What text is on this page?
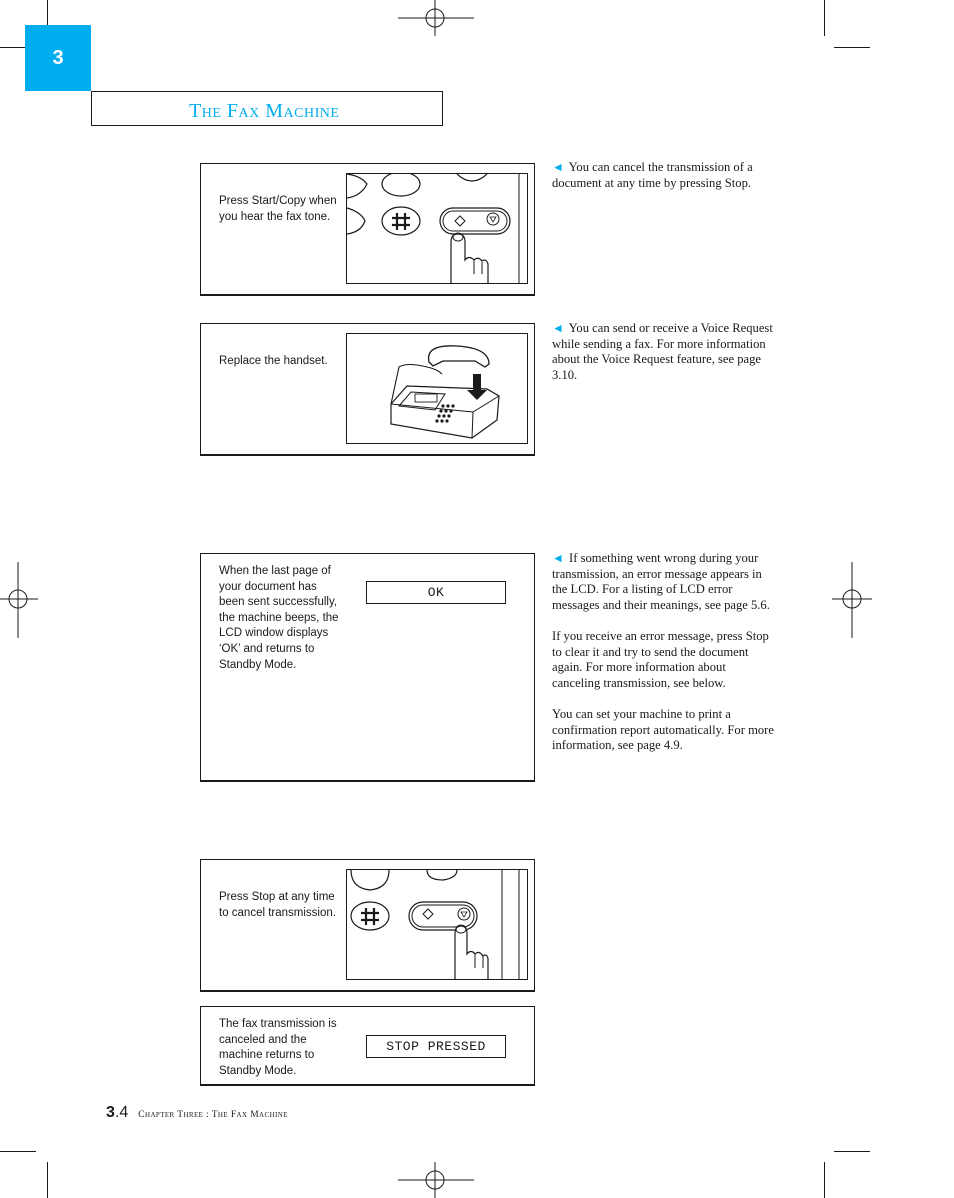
3
The Fax Machine
Press Start/Copy when you hear the fax tone.
Replace the handset.
When the last page of your document has been sent successfully, the machine beeps, the LCD window displays ‘OK’ and returns to Standby Mode.
OK
Press Stop at any time to cancel transmission.
The fax transmission is canceled and the machine returns to Standby Mode.
STOP PRESSED

◄ You can cancel the transmission of a document at any time by pressing Stop.

◄ You can send or receive a Voice Request while sending a fax. For more information about the Voice Request feature, see page 3.10.

◄ If something went wrong during your transmission, an error message appears in the LCD. For a listing of LCD error messages and their meanings, see page 5.6.

If you receive an error message, press Stop to clear it and try to send the document again. For more information about canceling transmission, see below.

You can set your machine to print a confirmation report automatically. For more information, see page 4.9.

3.4 Chapter Three : The Fax Machine
